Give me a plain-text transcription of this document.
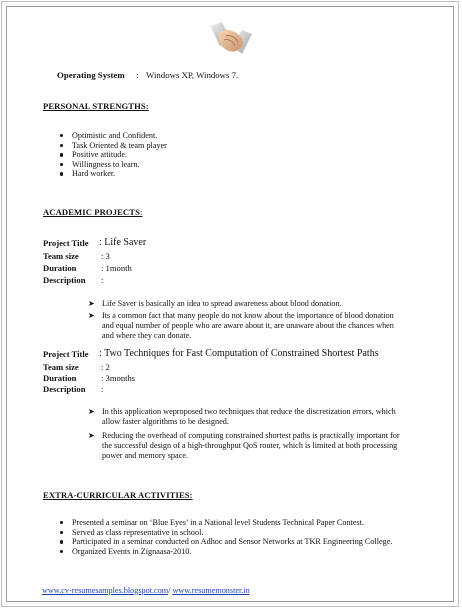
Operating System : Windows XP, Windows 7.
PERSONAL STRENGTHS:
Optimistic and Confident.
Task Oriented & team player
Positive attitude.
Willingness to learn.
Hard worker.
ACADEMIC PROJECTS:
Project Title : Life Saver
Team size	: 3
Duration	: 1month
Description :
➤ Life Saver is basically an idea to spread awareness about blood donation.
➤ Its a common fact that many people do not know about the importance of blood donation
and equal number of people who are aware about it, are unaware about the chances when
and where they can donate.
Project Title : Two Techniques for Fast Computation of Constrained Shortest Paths
Team size	: 2
Duration	: 3months
Description :
➤ In this application weproposed two techniques that reduce the discretization errors, which
allow faster algorithms to be designed.
➤ Reducing the overhead of computing constrained shortest paths is practically important for
the successful design of a high-throughput QoS router, which is limited at both processing
power and memory space.
EXTRA-CURRICULAR ACTIVITIES:
Presented a seminar on ‘Blue Eyes’ in a National level Students Technical Paper Contest.
Served as class representative in school.
Participated in a seminar conducted on Adhoc and Sensor Networks at TKR Engineering College.
Organized Events in Zignaasa-2010.
www.cv-resumesamples.blogspot.com/ www.resumemonster.in
